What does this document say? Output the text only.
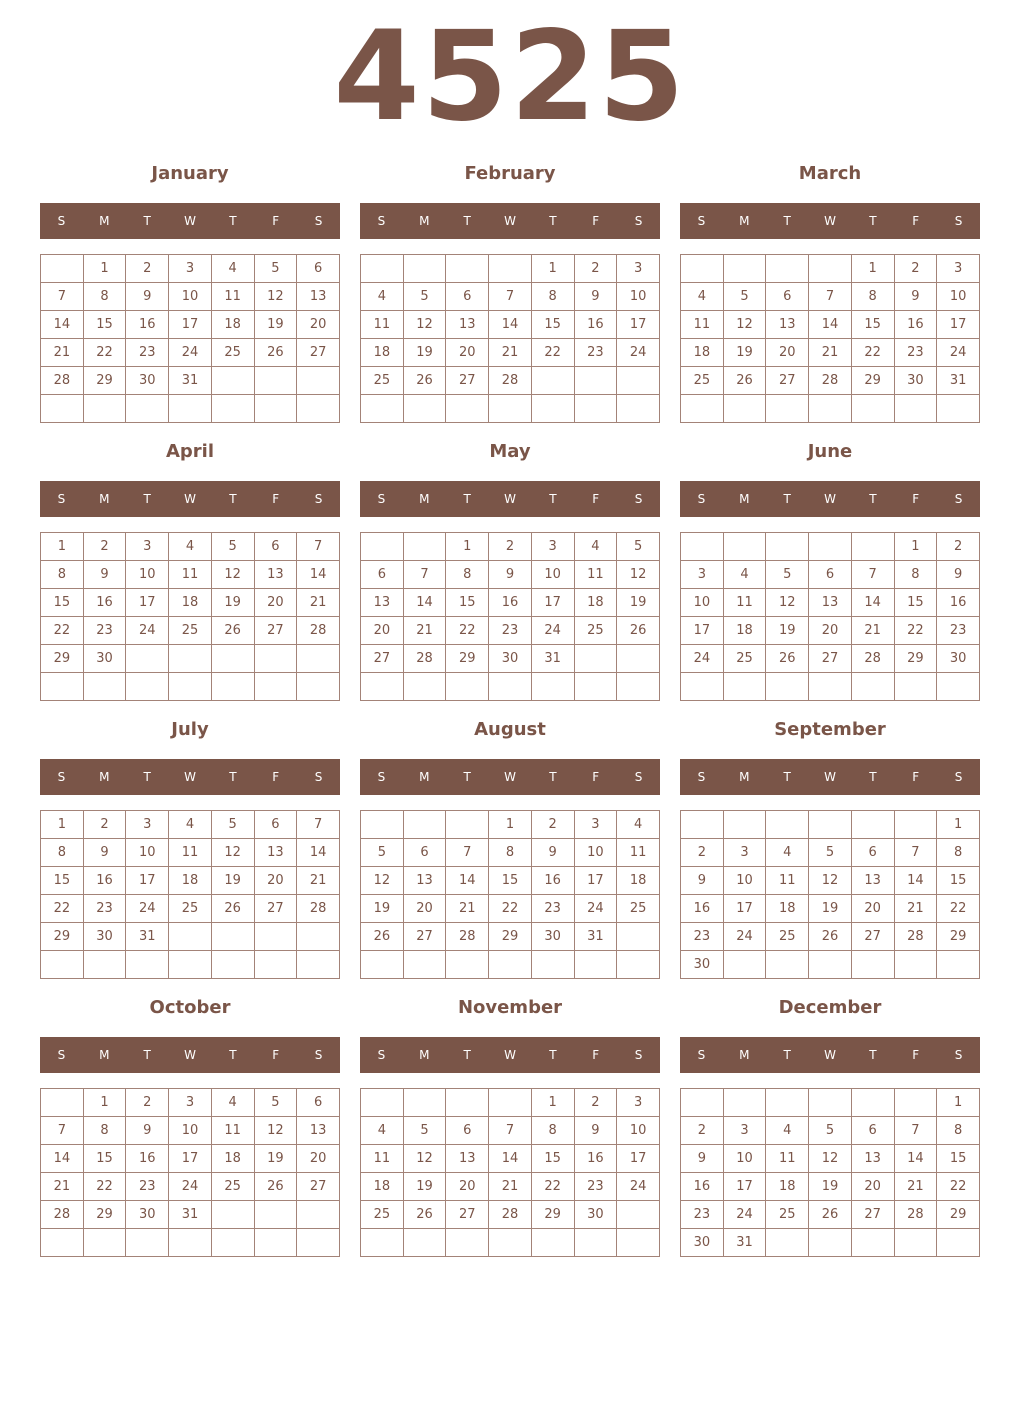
4525
January
S	M	T	W	T	F	S
	1	2	3	4	5	6
7	8	9	10	11	12	13
14	15	16	17	18	19	20
21	22	23	24	25	26	27
28	29	30	31			

February
S	M	T	W	T	F	S
				1	2	3
4	5	6	7	8	9	10
11	12	13	14	15	16	17
18	19	20	21	22	23	24
25	26	27	28			

March
S	M	T	W	T	F	S
				1	2	3
4	5	6	7	8	9	10
11	12	13	14	15	16	17
18	19	20	21	22	23	24
25	26	27	28	29	30	31

April
S	M	T	W	T	F	S
1	2	3	4	5	6	7
8	9	10	11	12	13	14
15	16	17	18	19	20	21
22	23	24	25	26	27	28
29	30					

May
S	M	T	W	T	F	S
		1	2	3	4	5
6	7	8	9	10	11	12
13	14	15	16	17	18	19
20	21	22	23	24	25	26
27	28	29	30	31		

June
S	M	T	W	T	F	S
					1	2
3	4	5	6	7	8	9
10	11	12	13	14	15	16
17	18	19	20	21	22	23
24	25	26	27	28	29	30

July
S	M	T	W	T	F	S
1	2	3	4	5	6	7
8	9	10	11	12	13	14
15	16	17	18	19	20	21
22	23	24	25	26	27	28
29	30	31				

August
S	M	T	W	T	F	S
			1	2	3	4
5	6	7	8	9	10	11
12	13	14	15	16	17	18
19	20	21	22	23	24	25
26	27	28	29	30	31	

September
S	M	T	W	T	F	S
						1
2	3	4	5	6	7	8
9	10	11	12	13	14	15
16	17	18	19	20	21	22
23	24	25	26	27	28	29
30						
October
S	M	T	W	T	F	S
	1	2	3	4	5	6
7	8	9	10	11	12	13
14	15	16	17	18	19	20
21	22	23	24	25	26	27
28	29	30	31			

November
S	M	T	W	T	F	S
				1	2	3
4	5	6	7	8	9	10
11	12	13	14	15	16	17
18	19	20	21	22	23	24
25	26	27	28	29	30	

December
S	M	T	W	T	F	S
						1
2	3	4	5	6	7	8
9	10	11	12	13	14	15
16	17	18	19	20	21	22
23	24	25	26	27	28	29
30	31					
